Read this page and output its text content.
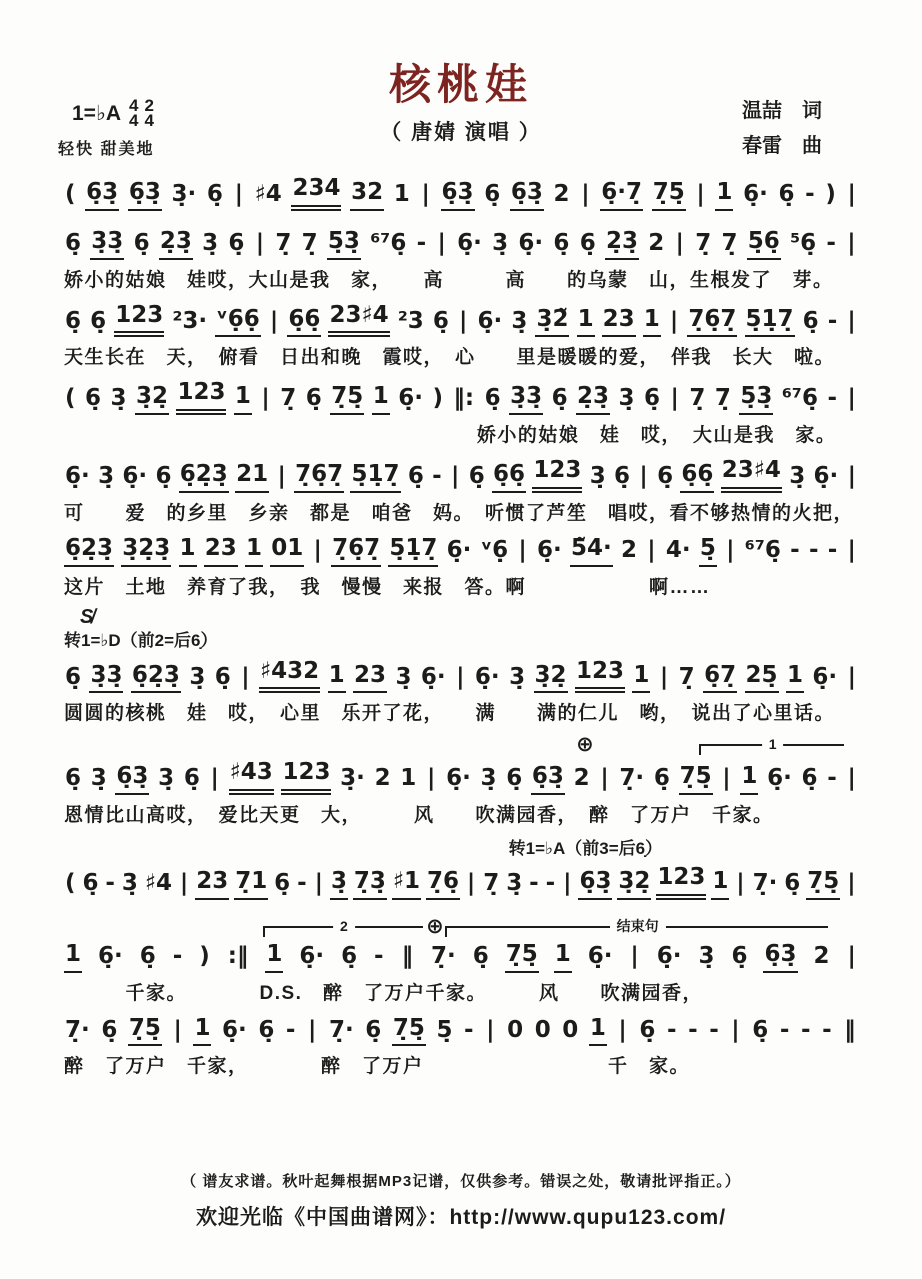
核桃娃
（ 唐婧 演唱 ）
温喆　词
春雷　曲
1=♭A 4
4
2
4
轻快 甜美地
( 6̣3̣ 6̣3̣ 3̣· 6̣ | ♯4 234 32 1 | 6̣3̣ 6̣ 6̣3̣ 2 | 6̣·7̣ 7̣5̣ | 1 6̣· 6̣ - ) |
6̣ 3̣3̣ 6̣ 2̣3̣ 3̣ 6̣ | 7̣ 7̣ 5̣3̣ ⁶⁷6̣ - | 6̣· 3̣ 6̣· 6̣ 6̣ 2̣3̣ 2 | 7̣ 7̣ 5̣6̣ ⁵6̣ - |
娇小的姑娘　娃哎，大山是我　家，　　高　　　高　　的乌蒙　山，生根发了　芽。
6̣ 6̣ 123 ²3· ᵛ6̣6̣ | 6̣6̣ 23♯4 ²3 6̣ | 6̣· 3̣ 3̣2̃ 1 23 1 | 7̣6̣7̣ 5̣1̣7̣ 6̣ - |
天生长在　天，　俯看　日出和晚　霞哎，　心　　里是暖暖的爱，　伴我　长大　啦。
( 6̣ 3̣ 3̣2̣ 123 1 | 7̣ 6̣ 7̣5̣ 1 6̣· ) ‖: 6̣ 3̣3̣ 6̣ 2̣3̣ 3̣ 6̣ | 7̣ 7̣ 5̣3̣ ⁶⁷6̣ - |
娇小的姑娘　娃　哎，　大山是我　家。
6̣· 3̣ 6̣· 6̣ 6̣2̣3̣ 21 | 7̣6̣7̣ 5̣1̣7̣ 6̣ - | 6̣ 6̣6̣ 123 3̣ 6̣ | 6̣ 6̣6̣ 23♯4 3̣ 6̣· |
可　　爱　的乡里　乡亲　都是　咱爸　妈。　听惯了芦笙　唱哎，看不够热情的火把，
6̣2̣3̣ 3̣2̣3̣ 1 23 1 01 | 7̣6̣7̣ 5̣1̣7̣ 6̣· ᵛ6̣ | 6̣· 5̃4· 2 | 4· 5̣ | ⁶⁷6̣ - - - |
这片　土地　养育了我，　我　慢慢　来报　答。啊　　　　　　啊……
S̸
转1=♭D（前2=后6̣）
6̣ 3̣3̣ 6̣2̣3̣ 3̣ 6̣ | ♯432 1 23 3̣ 6̣· | 6̣· 3̣ 3̣2̣ 123 1 | 7̣ 6̣7̣ 25̣ 1 6̣· |
圆圆的核桃　娃　哎，　心里　乐开了花，　　满　　满的仁儿　哟，　说出了心里话。
⊕	1
6̣ 3̣ 6̣3̣ 3̣ 6̣ | ♯43 123 3̣· 2 1 | 6̣· 3̣ 6̣ 6̣3̣ 2 | 7̣· 6̣ 7̣5̣ | 1 6̣· 6̣ - |
恩情比山高哎，　爱比天更　大，　　　风　　吹满园香，　醉　了万户　千家。
转1=♭A（前3=后6̣）
( 6̣ - 3̣ ♯4 | 23 7̣1 6̣ - | 3̣ 7̣3̣ ♯1 7̣6̣ | 7̣ 3̣ - - | 6̣3̣ 3̣2̣ 123 1 | 7̣· 6̣ 7̣5̣ |
2	⊕	结束句
1 6̣· 6̣ - ) :‖ 1 6̣· 6̣ - ‖ 7̣· 6̣ 7̣5̣ 1 6̣· | 6̣· 3̣ 6̣ 6̣3̣ 2 |
　　　千家。　　　　D.S.　醉　了万户千家。　　　风　　吹满园香，
7̣· 6̣ 7̣5̣ | 1 6̣· 6̣ - | 7̣· 6̣ 7̣5̣ 5̣ - | 0 0 0 1 | 6̣ - - - | 6̣ - - - ‖
醉　了万户　千家，　　　　醉　了万户　　　　　　　　　千　家。
（ 谱友求谱。秋叶起舞根据MP3记谱，仅供参考。错误之处，敬请批评指正。）
欢迎光临《中国曲谱网》：http://www.qupu123.com/
